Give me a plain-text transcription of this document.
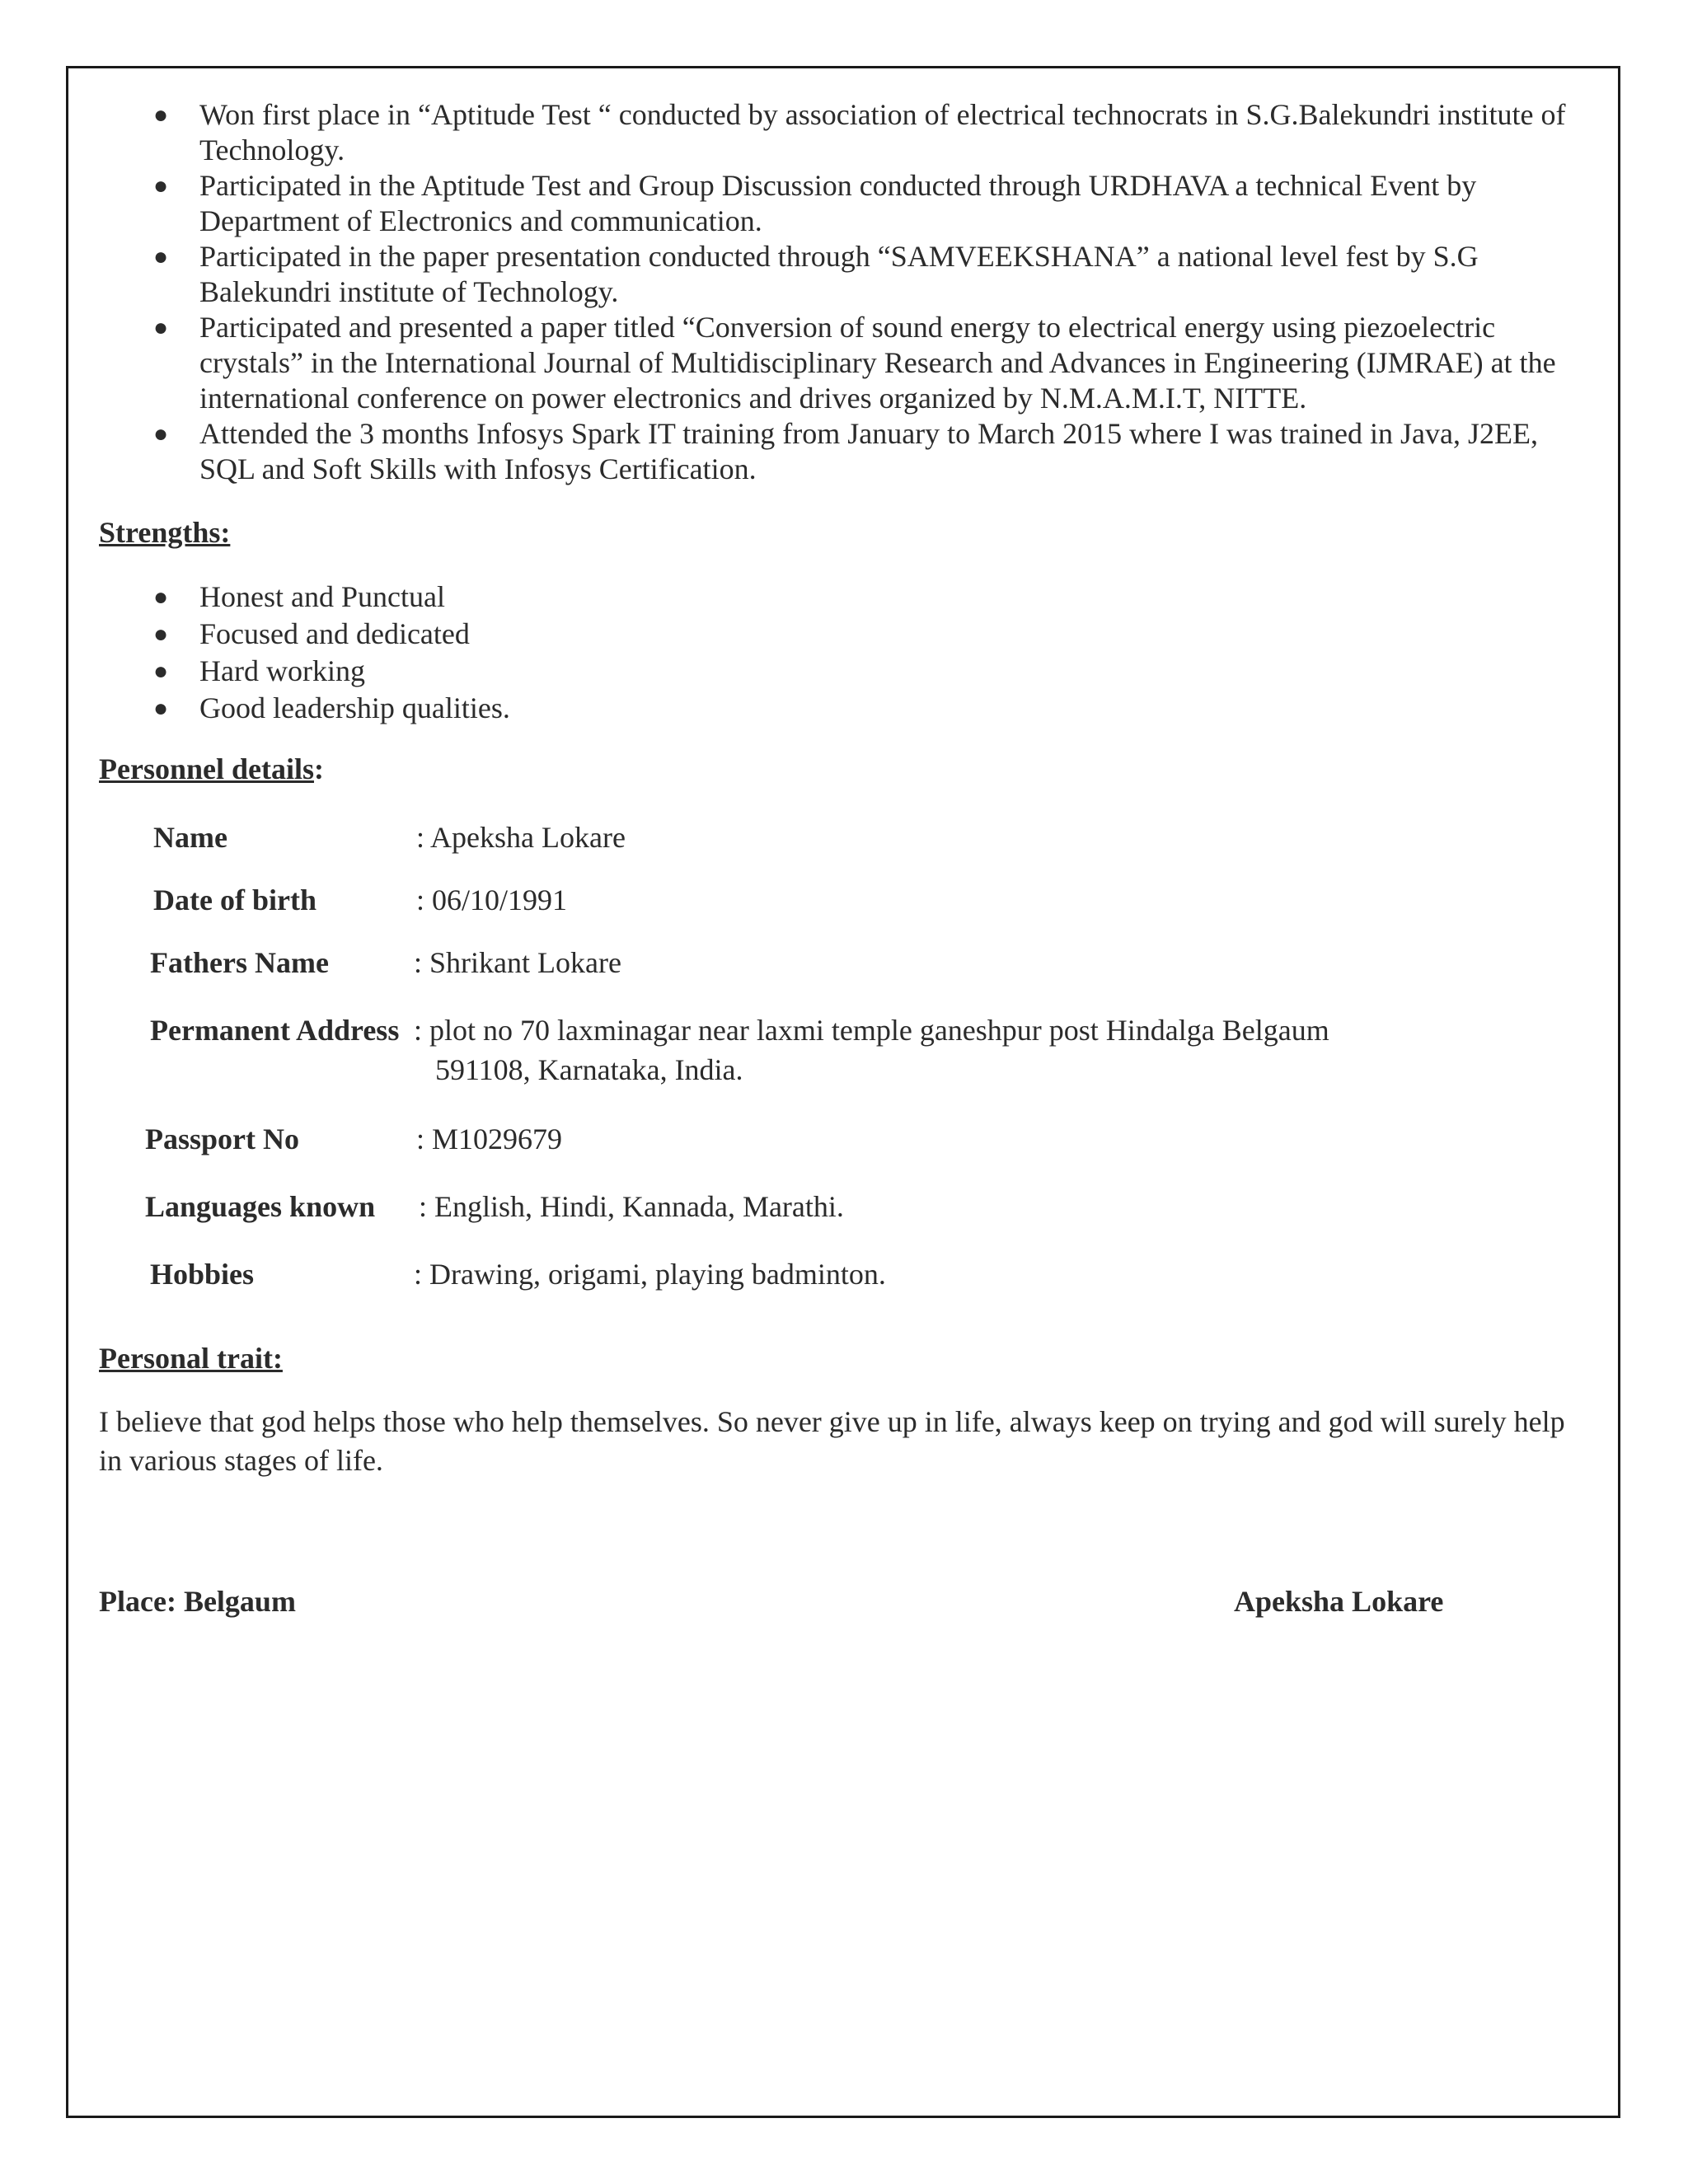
● Won first place in “Aptitude Test “ conducted by association of electrical technocrats in S.G.Balekundri institute of Technology.
● Participated in the Aptitude Test and Group Discussion conducted through URDHAVA a technical Event by Department of Electronics and communication.
● Participated in the paper presentation conducted through “SAMVEEKSHANA” a national level fest by S.G Balekundri institute of Technology.
● Participated and presented a paper titled “Conversion of sound energy to electrical energy using piezoelectric crystals” in the International Journal of Multidisciplinary Research and Advances in Engineering (IJMRAE) at the international conference on power electronics and drives organized by N.M.A.M.I.T, NITTE.
● Attended the 3 months Infosys Spark IT training from January to March 2015 where I was trained in Java, J2EE, SQL and Soft Skills with Infosys Certification.

Strengths:

● Honest and Punctual
● Focused and dedicated
● Hard working
● Good leadership qualities.

Personnel details:

Name	: Apeksha Lokare
Date of birth	: 06/10/1991
Fathers Name	: Shrikant Lokare
Permanent Address : plot no 70 laxminagar near laxmi temple ganeshpur post Hindalga Belgaum
591108, Karnataka, India.
Passport No	: M1029679
Languages known : English, Hindi, Kannada, Marathi.
Hobbies	: Drawing, origami, playing badminton.

Personal trait:

I believe that god helps those who help themselves. So never give up in life, always keep on trying and god will surely help in various stages of life.

Place: Belgaum	Apeksha Lokare
